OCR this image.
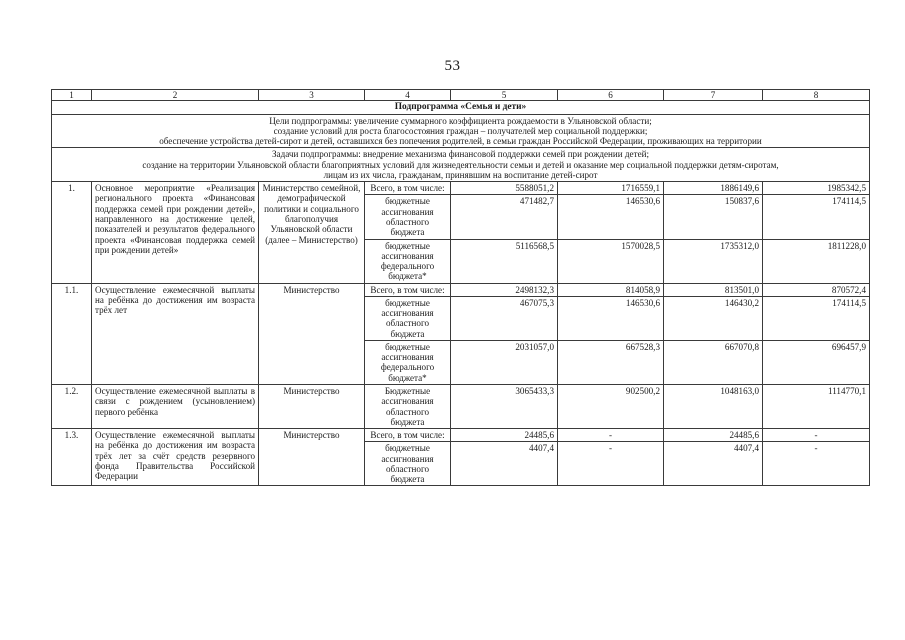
53
1	2	3	4	5	6	7	8
Подпрограмма «Семья и дети»							

Цели подпрограммы: увеличение суммарного коэффициента рождаемости в Ульяновской области;
создание условий для роста благосостояния граждан – получателей мер социальной поддержки;
обеспечение устройства детей-сирот и детей, оставшихся без попечения родителей, в семьи граждан Российской Федерации, проживающих на территории							

Задачи подпрограммы: внедрение механизма финансовой поддержки семей при рождении детей;
создание на территории Ульяновской области благоприятных условий для жизнедеятельности семьи и детей и оказание мер социальной поддержки детям-сиротам,
лицам из их числа, гражданам, принявшим на воспитание детей-сирот							

1.	Основное мероприятие «Реализация регионального проекта «Финансовая поддержка семей при рождении детей», направленного на достижение целей, показателей и результатов федерального проекта «Финансовая поддержка семей при рождении детей»	Министерство семейной, демографической политики и социального благополучия Ульяновской области (далее – Министерство)	Всего, в том числе:	5588051,2	1716559,1	1886149,6	1985342,5
			бюджетные ассигнования областного бюджета	471482,7	146530,6	150837,6	174114,5
			бюджетные ассигнования федерального бюджета*	5116568,5	1570028,5	1735312,0	1811228,0
1.1.	Осуществление ежемесячной выплаты на ребёнка до достижения им возраста трёх лет	Министерство	Всего, в том числе:	2498132,3	814058,9	813501,0	870572,4
			бюджетные ассигнования областного бюджета	467075,3	146530,6	146430,2	174114,5
			бюджетные ассигнования федерального бюджета*	2031057,0	667528,3	667070,8	696457,9
1.2.	Осуществление ежемесячной выплаты в связи с рождением (усыновлением) первого ребёнка	Министерство	Бюджетные ассигнования областного бюджета	3065433,3	902500,2	1048163,0	1114770,1
1.3.	Осуществление ежемесячной выплаты на ребёнка до достижения им возраста трёх лет за счёт средств резервного фонда Правительства Российской Федерации	Министерство	Всего, в том числе:	24485,6	-	24485,6	-
			бюджетные ассигнования областного бюджета	4407,4	-	4407,4	-
